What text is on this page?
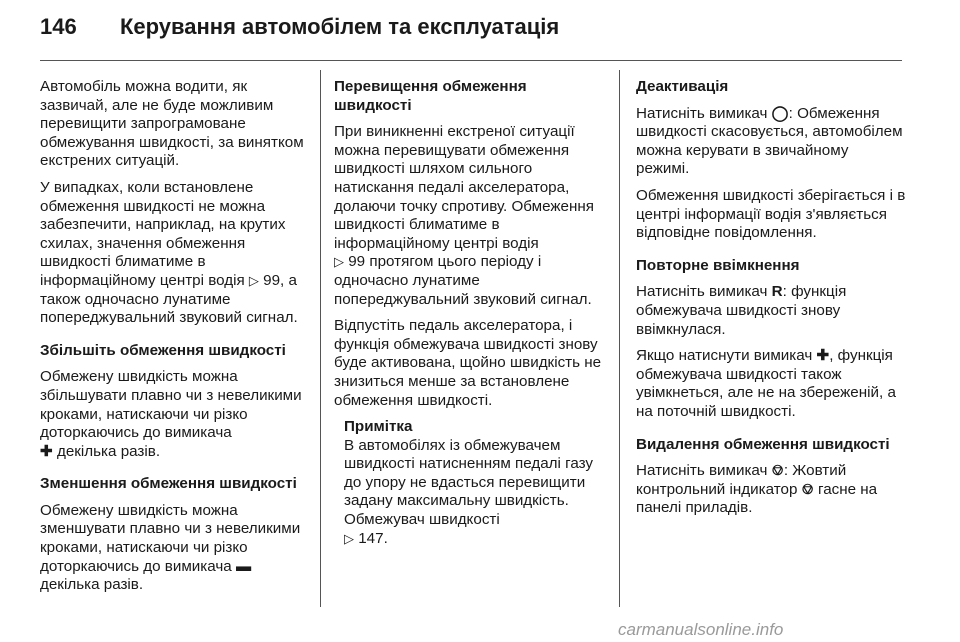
146	Керування автомобілем та експлуатація

Автомобіль можна водити, як зазвичай, але не буде можливим перевищити запрограмоване обмежування швидкості, за винятком екстрених ситуацій.

У випадках, коли встановлене обмеження швидкості не можна забезпечити, наприклад, на крутих схилах, значення обмеження швидкості блиматиме в інформаційному центрі водія ▷ 99, а також одночасно лунатиме попереджувальний звуковий сигнал.

Збільшіть обмеження швидкості

Обмежену швидкість можна збільшувати плавно чи з невеликими кроками, натискаючи чи різко доторкаючись до вимикача
✚ декілька разів.

Зменшення обмеження швидкості

Обмежену швидкість можна зменшувати плавно чи з невеликими кроками, натискаючи чи різко доторкаючись до вимикача ▬ декілька разів.

Перевищення обмеження швидкості

При виникненні екстреної ситуації можна перевищувати обмеження швидкості шляхом сильного натискання педалі акселератора, долаючи точку спротиву. Обмеження швидкості блиматиме в інформаційному центрі водія
▷ 99 протягом цього періоду і одночасно лунатиме попереджувальний звуковий сигнал.

Відпустіть педаль акселератора, і функція обмежувача швидкості знову буде активована, щойно швидкість не знизиться менше за встановлене обмеження швидкості.

Примітка

В автомобілях із обмежувачем швидкості натисненням педалі газу до упору не вдасться перевищити задану максимальну швидкість. Обмежувач швидкості
▷ 147.

Деактивація

Натисніть вимикач ◯: Обмеження швидкості скасовується, автомобілем можна керувати в звичайному режимі.

Обмеження швидкості зберігається і в центрі інформації водія з'являється відповідне повідомлення.

Повторне ввімкнення

Натисніть вимикач R: функція обмежувача швидкості знову ввімкнулася.

Якщо натиснути вимикач ✚, функція обмежувача швидкості також увімкнеться, але не на збереженій, а на поточній швидкості.

Видалення обмеження швидкості

Натисніть вимикач ⎊: Жовтий контрольний індикатор ⎊ гасне на панелі приладів.

carmanualsonline.info
